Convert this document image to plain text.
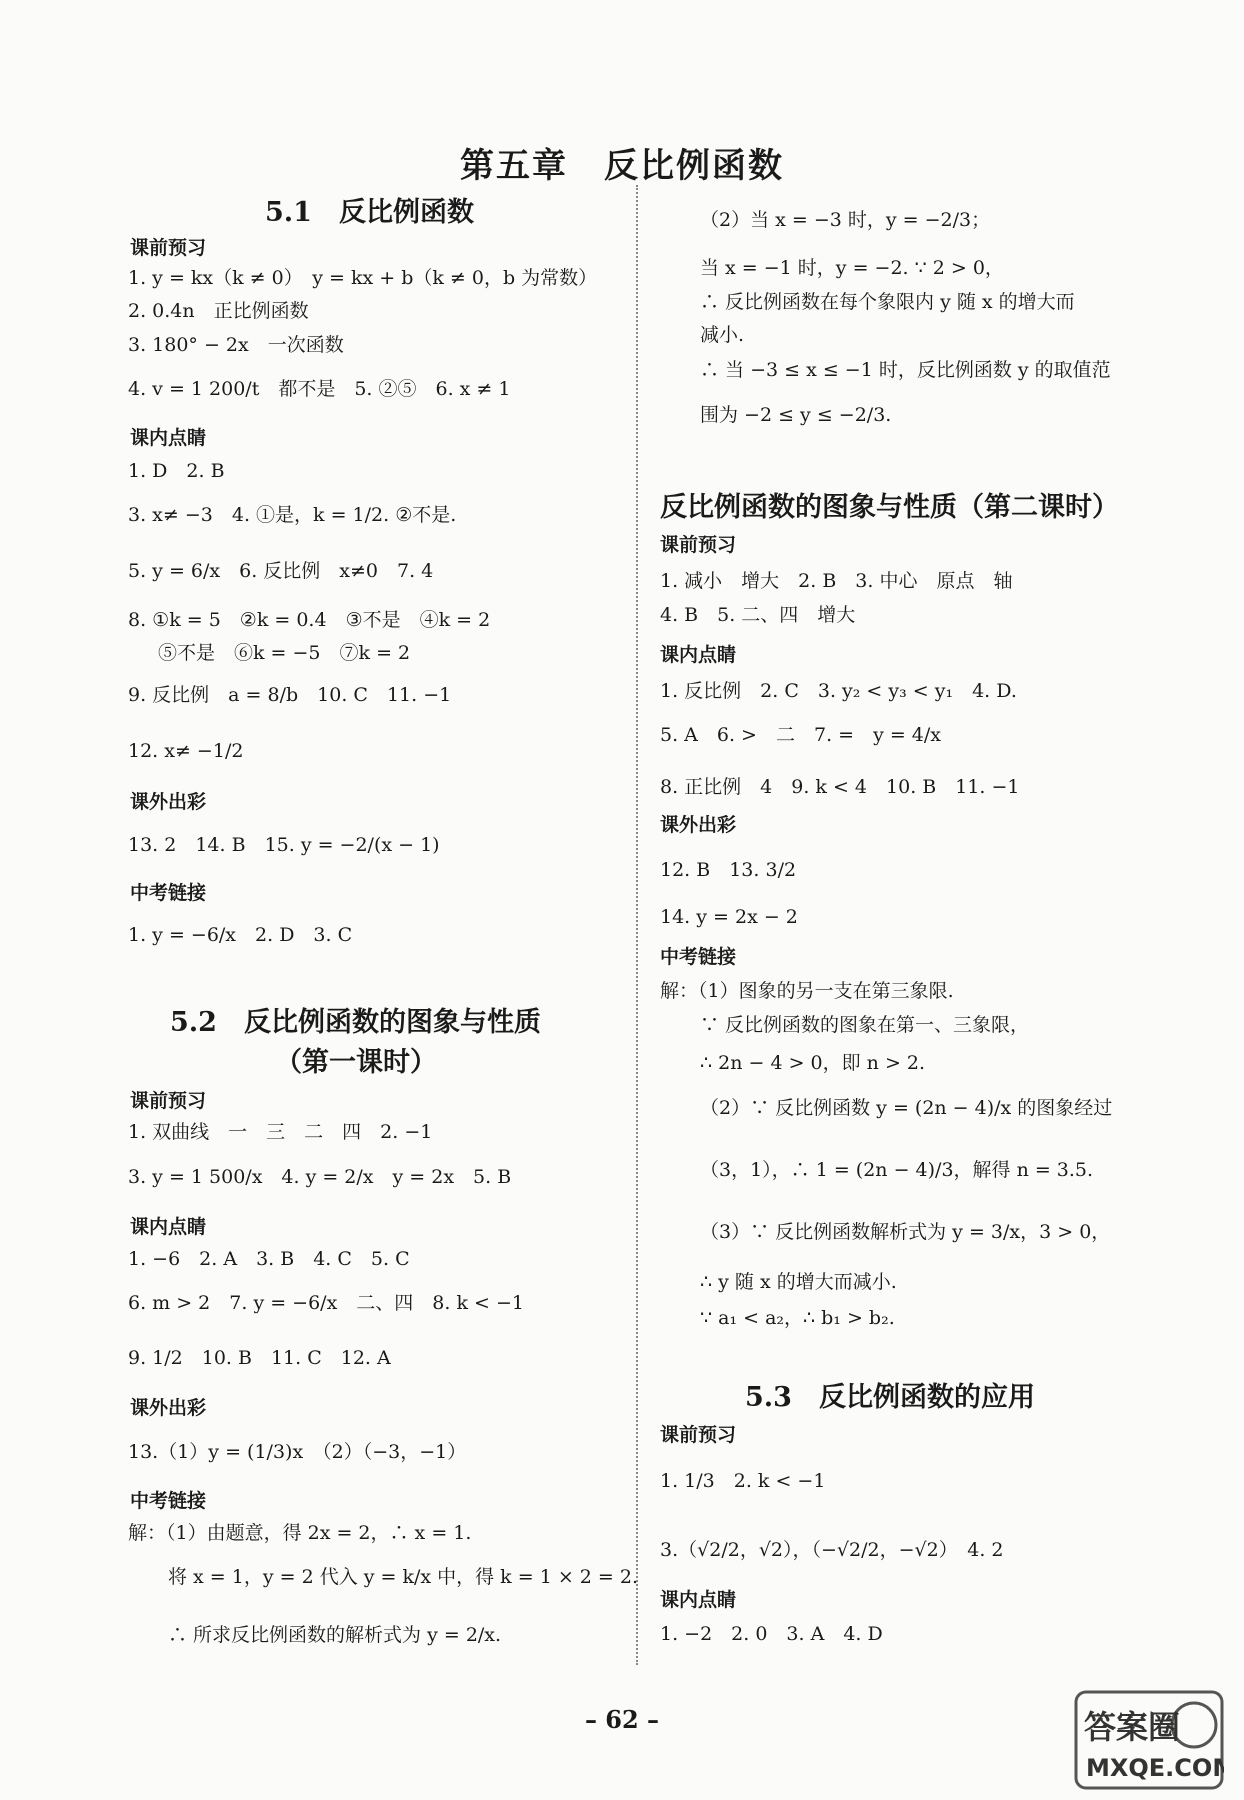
第五章　反比例函数
5.1　反比例函数
课前预习
1. y = kx（k ≠ 0）　y = kx + b（k ≠ 0，b 为常数）
2. 0.4n　正比例函数
3. 180° − 2x　一次函数
4. v = 1 200/t　都不是　5. ②⑤　6. x ≠ 1
课内点睛
1. D　2. B
3. x≠ −3　4. ①是，k = 1/2. ②不是.
5. y = 6/x　6. 反比例　x≠0　7. 4
8. ①k = 5　②k = 0.4　③不是　④k = 2
⑤不是　⑥k = −5　⑦k = 2
9. 反比例　a = 8/b　10. C　11. −1
12. x≠ −1/2
课外出彩
13. 2　14. B　15. y = −2/(x − 1)
中考链接
1. y = −6/x　2. D　3. C
5.2　反比例函数的图象与性质
（第一课时）
课前预习
1. 双曲线　一　三　二　四　2. −1
3. y = 1 500/x　4. y = 2/x　y = 2x　5. B
课内点睛
1. −6　2. A　3. B　4. C　5. C
6. m > 2　7. y = −6/x　二、四　8. k < −1
9. 1/2　10. B　11. C　12. A
课外出彩
13.（1）y = (1/3)x　（2）（−3，−1）
中考链接
解：（1）由题意，得 2x = 2，∴ x = 1.
将 x = 1，y = 2 代入 y = k/x 中，得 k = 1 × 2 = 2.
∴ 所求反比例函数的解析式为 y = 2/x.
（2）当 x = −3 时，y = −2/3；
当 x = −1 时，y = −2. ∵ 2 > 0，
∴ 反比例函数在每个象限内 y 随 x 的增大而
减小.
∴ 当 −3 ≤ x ≤ −1 时，反比例函数 y 的取值范
围为 −2 ≤ y ≤ −2/3.
反比例函数的图象与性质（第二课时）
课前预习
1. 减小　增大　2. B　3. 中心　原点　轴
4. B　5. 二、四　增大
课内点睛
1. 反比例　2. C　3. y₂ < y₃ < y₁　4. D.
5. A　6. >　二　7. =　y = 4/x
8. 正比例　4　9. k < 4　10. B　11. −1
课外出彩
12. B　13. 3/2
14. y = 2x − 2
中考链接
解：（1）图象的另一支在第三象限.
∵ 反比例函数的图象在第一、三象限，
∴ 2n − 4 > 0，即 n > 2.
（2）∵ 反比例函数 y = (2n − 4)/x 的图象经过
（3，1），∴ 1 = (2n − 4)/3，解得 n = 3.5.
（3）∵ 反比例函数解析式为 y = 3/x，3 > 0，
∴ y 随 x 的增大而减小.
∵ a₁ < a₂，∴ b₁ > b₂.
5.3　反比例函数的应用
课前预习
1. 1/3　2. k < −1
3.（√2/2，√2），（−√2/2，−√2）　4. 2
课内点睛
1. −2　2. 0　3. A　4. D
– 62 –	答案圈
MXQE.COM
